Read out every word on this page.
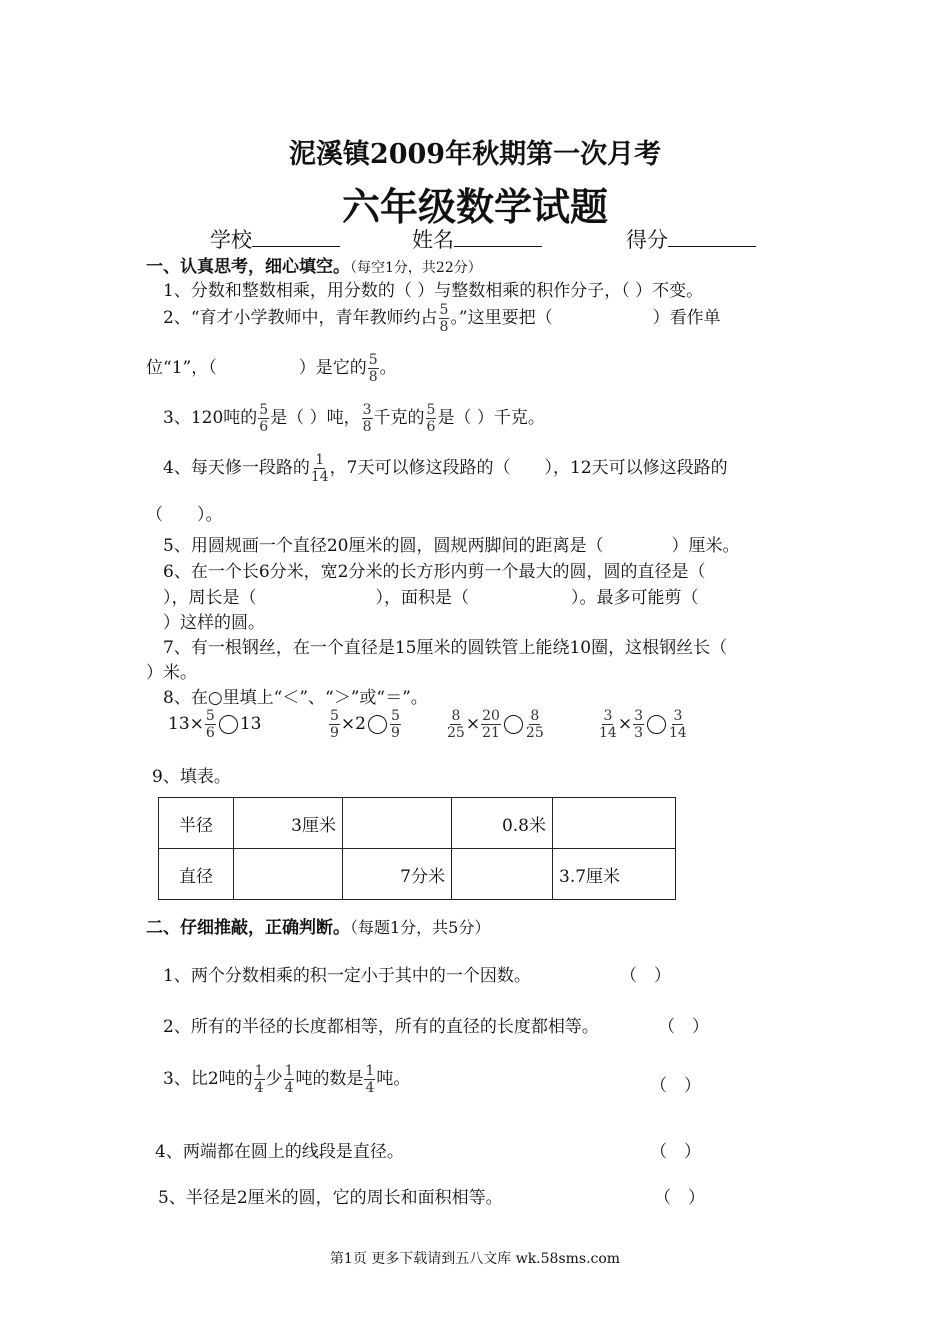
泥溪镇2009年秋期第一次月考
六年级数学试题
学校	姓名	得分
一、认真思考，细心填空。（每空1分，共22分）
1、分数和整数相乘，用分数的（ ）与整数相乘的积作分子，（ ）不变。
2、“育才小学教师中，青年教师约占 $\frac{5}{8}$ 。”这里要把（	）看作单
位“1”，（	）是它的 $\frac{5}{8}$ 。
3、120吨的 $\frac{5}{6}$ 是（ ）吨， $\frac{3}{8}$ 千克的 $\frac{5}{6}$ 是（ ）千克。
4、每天修一段路的 $\frac{1}{14}$ ，7天可以修这段路的（　　），12天可以修这段路的
（　　）。
5、用圆规画一个直径20厘米的圆，圆规两脚间的距离是（　　　　）厘米。
6、在一个长6分米，宽2分米的长方形内剪一个最大的圆，圆的直径是（
），周长是（　　　　　　　），面积是（　　　　　　）。最多可能剪（
）这样的圆。
7、有一根钢丝，在一个直径是15厘米的圆铁管上能绕10圈，这根钢丝长（
）米。
8、在○里填上“＜”、“＞”或“＝”。
$13\times \frac{5}{6} 13$	$\frac{5}{9} \times 2 \frac{5}{9}$	$\frac{8}{25} \times \frac{20}{21} \frac{8}{25}$	$\frac{3}{14} \times \frac{3}{3} \frac{3}{14}$
9、填表。
半径	3厘米		0.8米	
直径		7分米		3.7厘米
二、仔细推敲，正确判断。（每题1分，共5分）
1、两个分数相乘的积一定小于其中的一个因数。	（　）
2、所有的半径的长度都相等，所有的直径的长度都相等。	（　）
3、比2吨的 $\frac{1}{4}$ 少 $\frac{1}{4}$ 吨的数是 $\frac{1}{4}$ 吨。	（　）
4、两端都在圆上的线段是直径。	（　）
5、半径是2厘米的圆，它的周长和面积相等。	（　）
第1页 更多下载请到五八文库 wk.58sms.com
